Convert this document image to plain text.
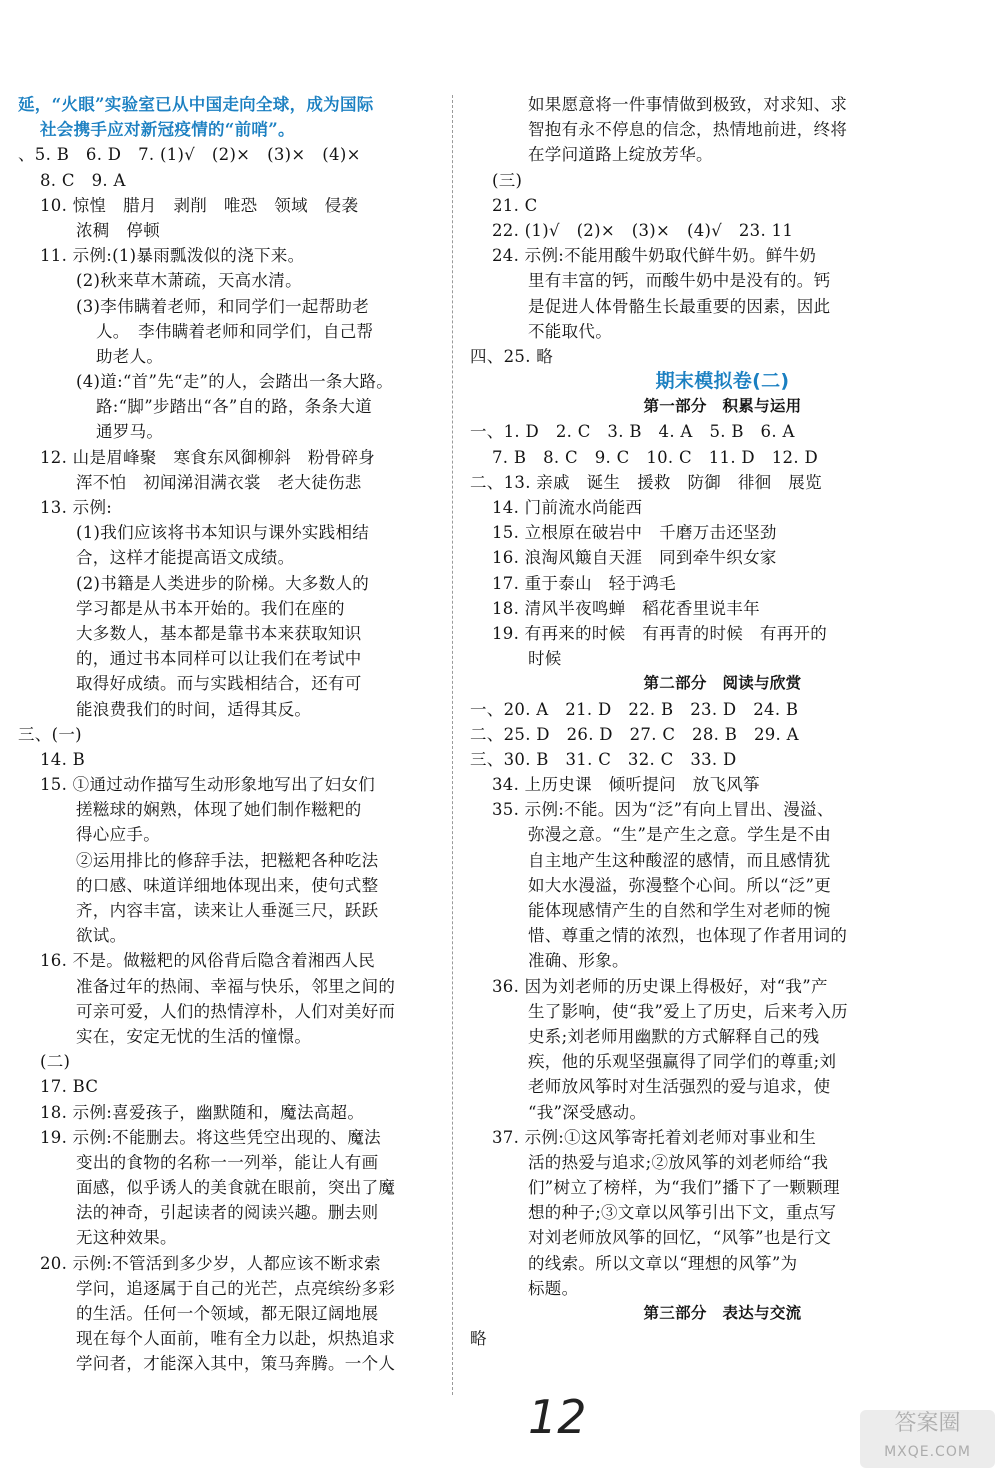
延，“火眼”实验室已从中国走向全球，成为国际
社会携手应对新冠疫情的“前哨”。
、5. B　6. D　7. (1)√　(2)×　(3)×　(4)×
8. C　9. A
10. 惊惶　腊月　剥削　唯恐　领域　侵袭
浓稠　停顿
11. 示例:(1)暴雨瓢泼似的浇下来。
(2)秋来草木萧疏，天高水清。
(3)李伟瞒着老师，和同学们一起帮助老
人。　李伟瞒着老师和同学们，自己帮
助老人。
(4)道:“首”先“走”的人，会踏出一条大路。
路:“脚”步踏出“各”自的路，条条大道
通罗马。
12. 山是眉峰聚　寒食东风御柳斜　粉骨碎身
浑不怕　初闻涕泪满衣裳　老大徒伤悲
13. 示例:
(1)我们应该将书本知识与课外实践相结
合，这样才能提高语文成绩。
(2)书籍是人类进步的阶梯。大多数人的
学习都是从书本开始的。我们在座的
大多数人，基本都是靠书本来获取知识
的，通过书本同样可以让我们在考试中
取得好成绩。而与实践相结合，还有可
能浪费我们的时间，适得其反。
三、(一)
14. B
15. ①通过动作描写生动形象地写出了妇女们
搓糍球的娴熟，体现了她们制作糍粑的
得心应手。
②运用排比的修辞手法，把糍粑各种吃法
的口感、味道详细地体现出来，使句式整
齐，内容丰富，读来让人垂涎三尺，跃跃
欲试。
16. 不是。做糍粑的风俗背后隐含着湘西人民
准备过年的热闹、幸福与快乐，邻里之间的
可亲可爱，人们的热情淳朴，人们对美好而
实在，安定无忧的生活的憧憬。
(二)
17. BC
18. 示例:喜爱孩子，幽默随和，魔法高超。
19. 示例:不能删去。将这些凭空出现的、魔法
变出的食物的名称一一列举，能让人有画
面感，似乎诱人的美食就在眼前，突出了魔
法的神奇，引起读者的阅读兴趣。删去则
无这种效果。
20. 示例:不管活到多少岁，人都应该不断求索
学问，追逐属于自己的光芒，点亮缤纷多彩
的生活。任何一个领域，都无限辽阔地展
现在每个人面前，唯有全力以赴，炽热追求
学问者，才能深入其中，策马奔腾。一个人
如果愿意将一件事情做到极致，对求知、求
智抱有永不停息的信念，热情地前进，终将
在学问道路上绽放芳华。
(三)
21. C
22. (1)√　(2)×　(3)×　(4)√　23. 11
24. 示例:不能用酸牛奶取代鲜牛奶。鲜牛奶
里有丰富的钙，而酸牛奶中是没有的。钙
是促进人体骨骼生长最重要的因素，因此
不能取代。
四、25. 略
期末模拟卷(二)
第一部分　积累与运用
一、1. D　2. C　3. B　4. A　5. B　6. A
7. B　8. C　9. C　10. C　11. D　12. D
二、13. 亲戚　诞生　援救　防御　徘徊　展览
14. 门前流水尚能西
15. 立根原在破岩中　千磨万击还坚劲
16. 浪淘风簸自天涯　同到牵牛织女家
17. 重于泰山　轻于鸿毛
18. 清风半夜鸣蝉　稻花香里说丰年
19. 有再来的时候　有再青的时候　有再开的
时候
第二部分　阅读与欣赏
一、20. A　21. D　22. B　23. D　24. B
二、25. D　26. D　27. C　28. B　29. A
三、30. B　31. C　32. C　33. D
34. 上历史课　倾听提问　放飞风筝
35. 示例:不能。因为“泛”有向上冒出、漫溢、
弥漫之意。“生”是产生之意。学生是不由
自主地产生这种酸涩的感情，而且感情犹
如大水漫溢，弥漫整个心间。所以“泛”更
能体现感情产生的自然和学生对老师的惋
惜、尊重之情的浓烈，也体现了作者用词的
准确、形象。
36. 因为刘老师的历史课上得极好，对“我”产
生了影响，使“我”爱上了历史，后来考入历
史系;刘老师用幽默的方式解释自己的残
疾，他的乐观坚强赢得了同学们的尊重;刘
老师放风筝时对生活强烈的爱与追求，使
“我”深受感动。
37. 示例:①这风筝寄托着刘老师对事业和生
活的热爱与追求;②放风筝的刘老师给“我
们”树立了榜样，为“我们”播下了一颗颗理
想的种子;③文章以风筝引出下文，重点写
对刘老师放风筝的回忆，“风筝”也是行文
的线索。所以文章以“理想的风筝”为
标题。
第三部分　表达与交流
略
12	答案圈
MXQE.COM
